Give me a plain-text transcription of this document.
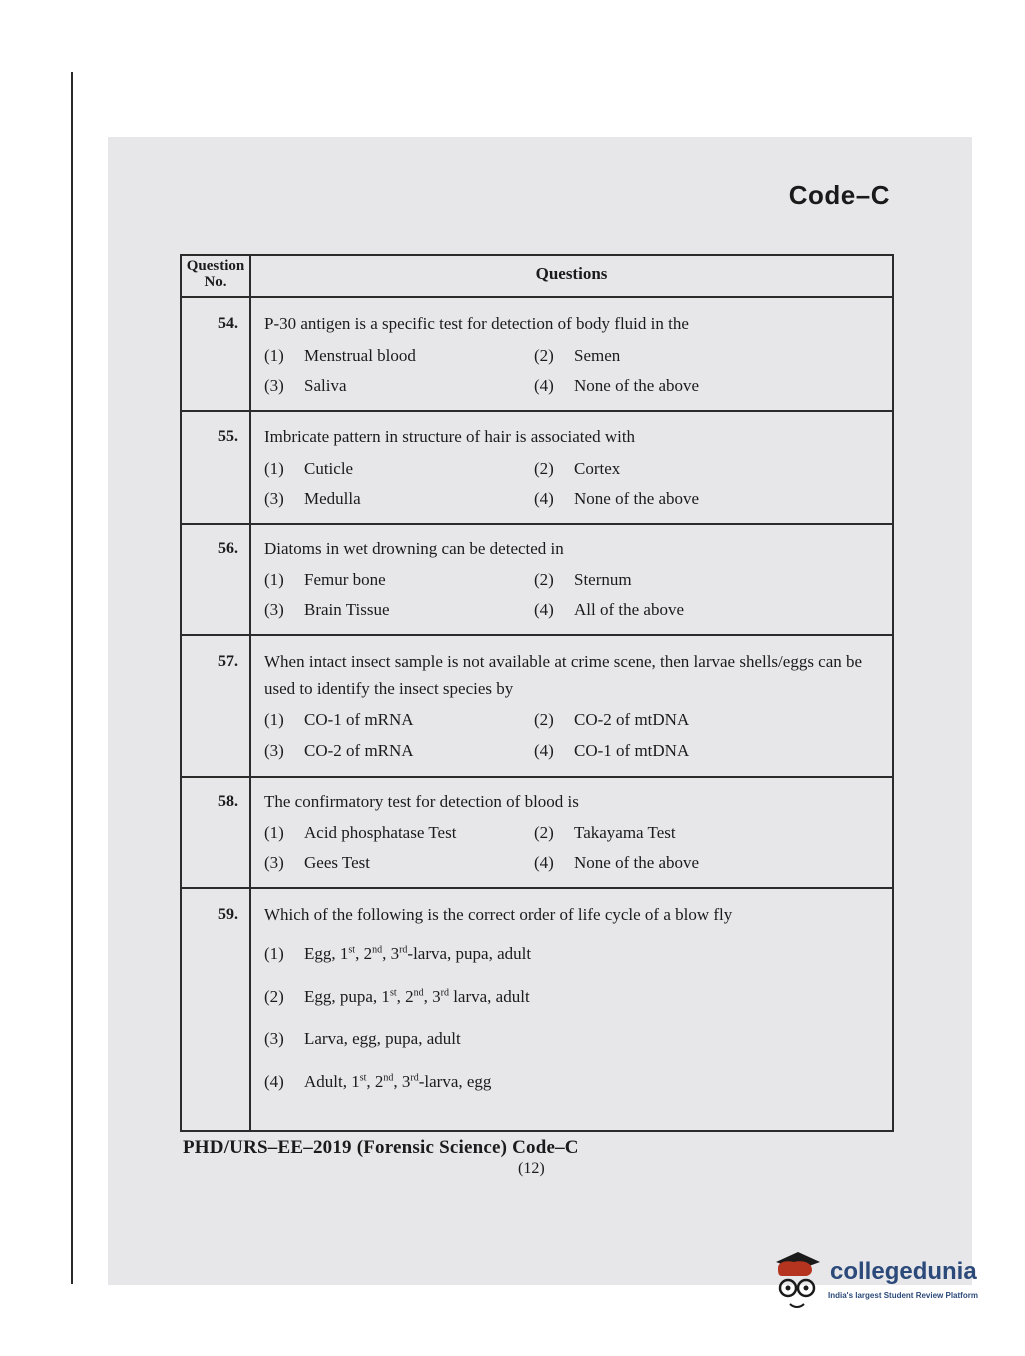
Code–C
Question No.	Questions
54. P-30 antigen is a specific test for detection of body fluid in the
(1) Menstrual blood	(2) Semen
(3) Saliva	(4) None of the above
55. Imbricate pattern in structure of hair is associated with
(1) Cuticle	(2) Cortex
(3) Medulla	(4) None of the above
56. Diatoms in wet drowning can be detected in
(1) Femur bone	(2) Sternum
(3) Brain Tissue	(4) All of the above
57. When intact insect sample is not available at crime scene, then larvae shells/eggs can be used to identify the insect species by
(1) CO-1 of mRNA	(2) CO-2 of mtDNA
(3) CO-2 of mRNA	(4) CO-1 of mtDNA
58. The confirmatory test for detection of blood is
(1) Acid phosphatase Test	(2) Takayama Test
(3) Gees Test	(4) None of the above
59. Which of the following is the correct order of life cycle of a blow fly
(1) Egg, 1st, 2nd, 3rd-larva, pupa, adult
(2) Egg, pupa, 1st, 2nd, 3rd larva, adult
(3) Larva, egg, pupa, adult
(4) Adult, 1st, 2nd, 3rd-larva, egg
PHD/URS–EE–2019 (Forensic Science) Code–C
(12)
collegedunia
India's largest Student Review Platform
